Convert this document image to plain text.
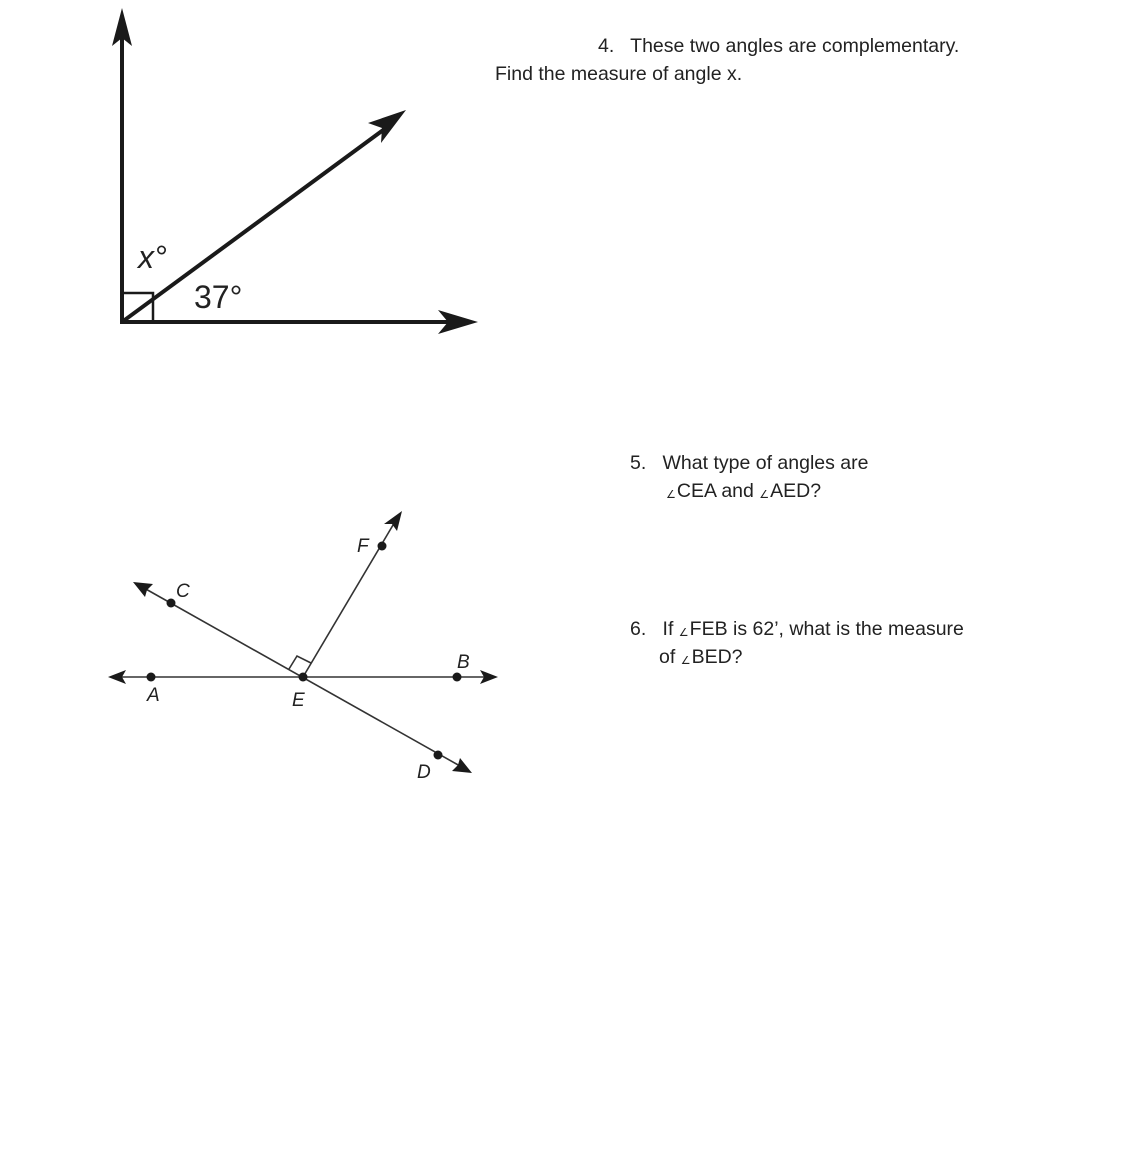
x°
37°
4. These two angles are complementary.
Find the measure of angle x.
A
B
C
D
E
F
5. What type of angles are
∠CEA and ∠AED?
6. If ∠FEB is 62’, what is the measure
of ∠BED?
